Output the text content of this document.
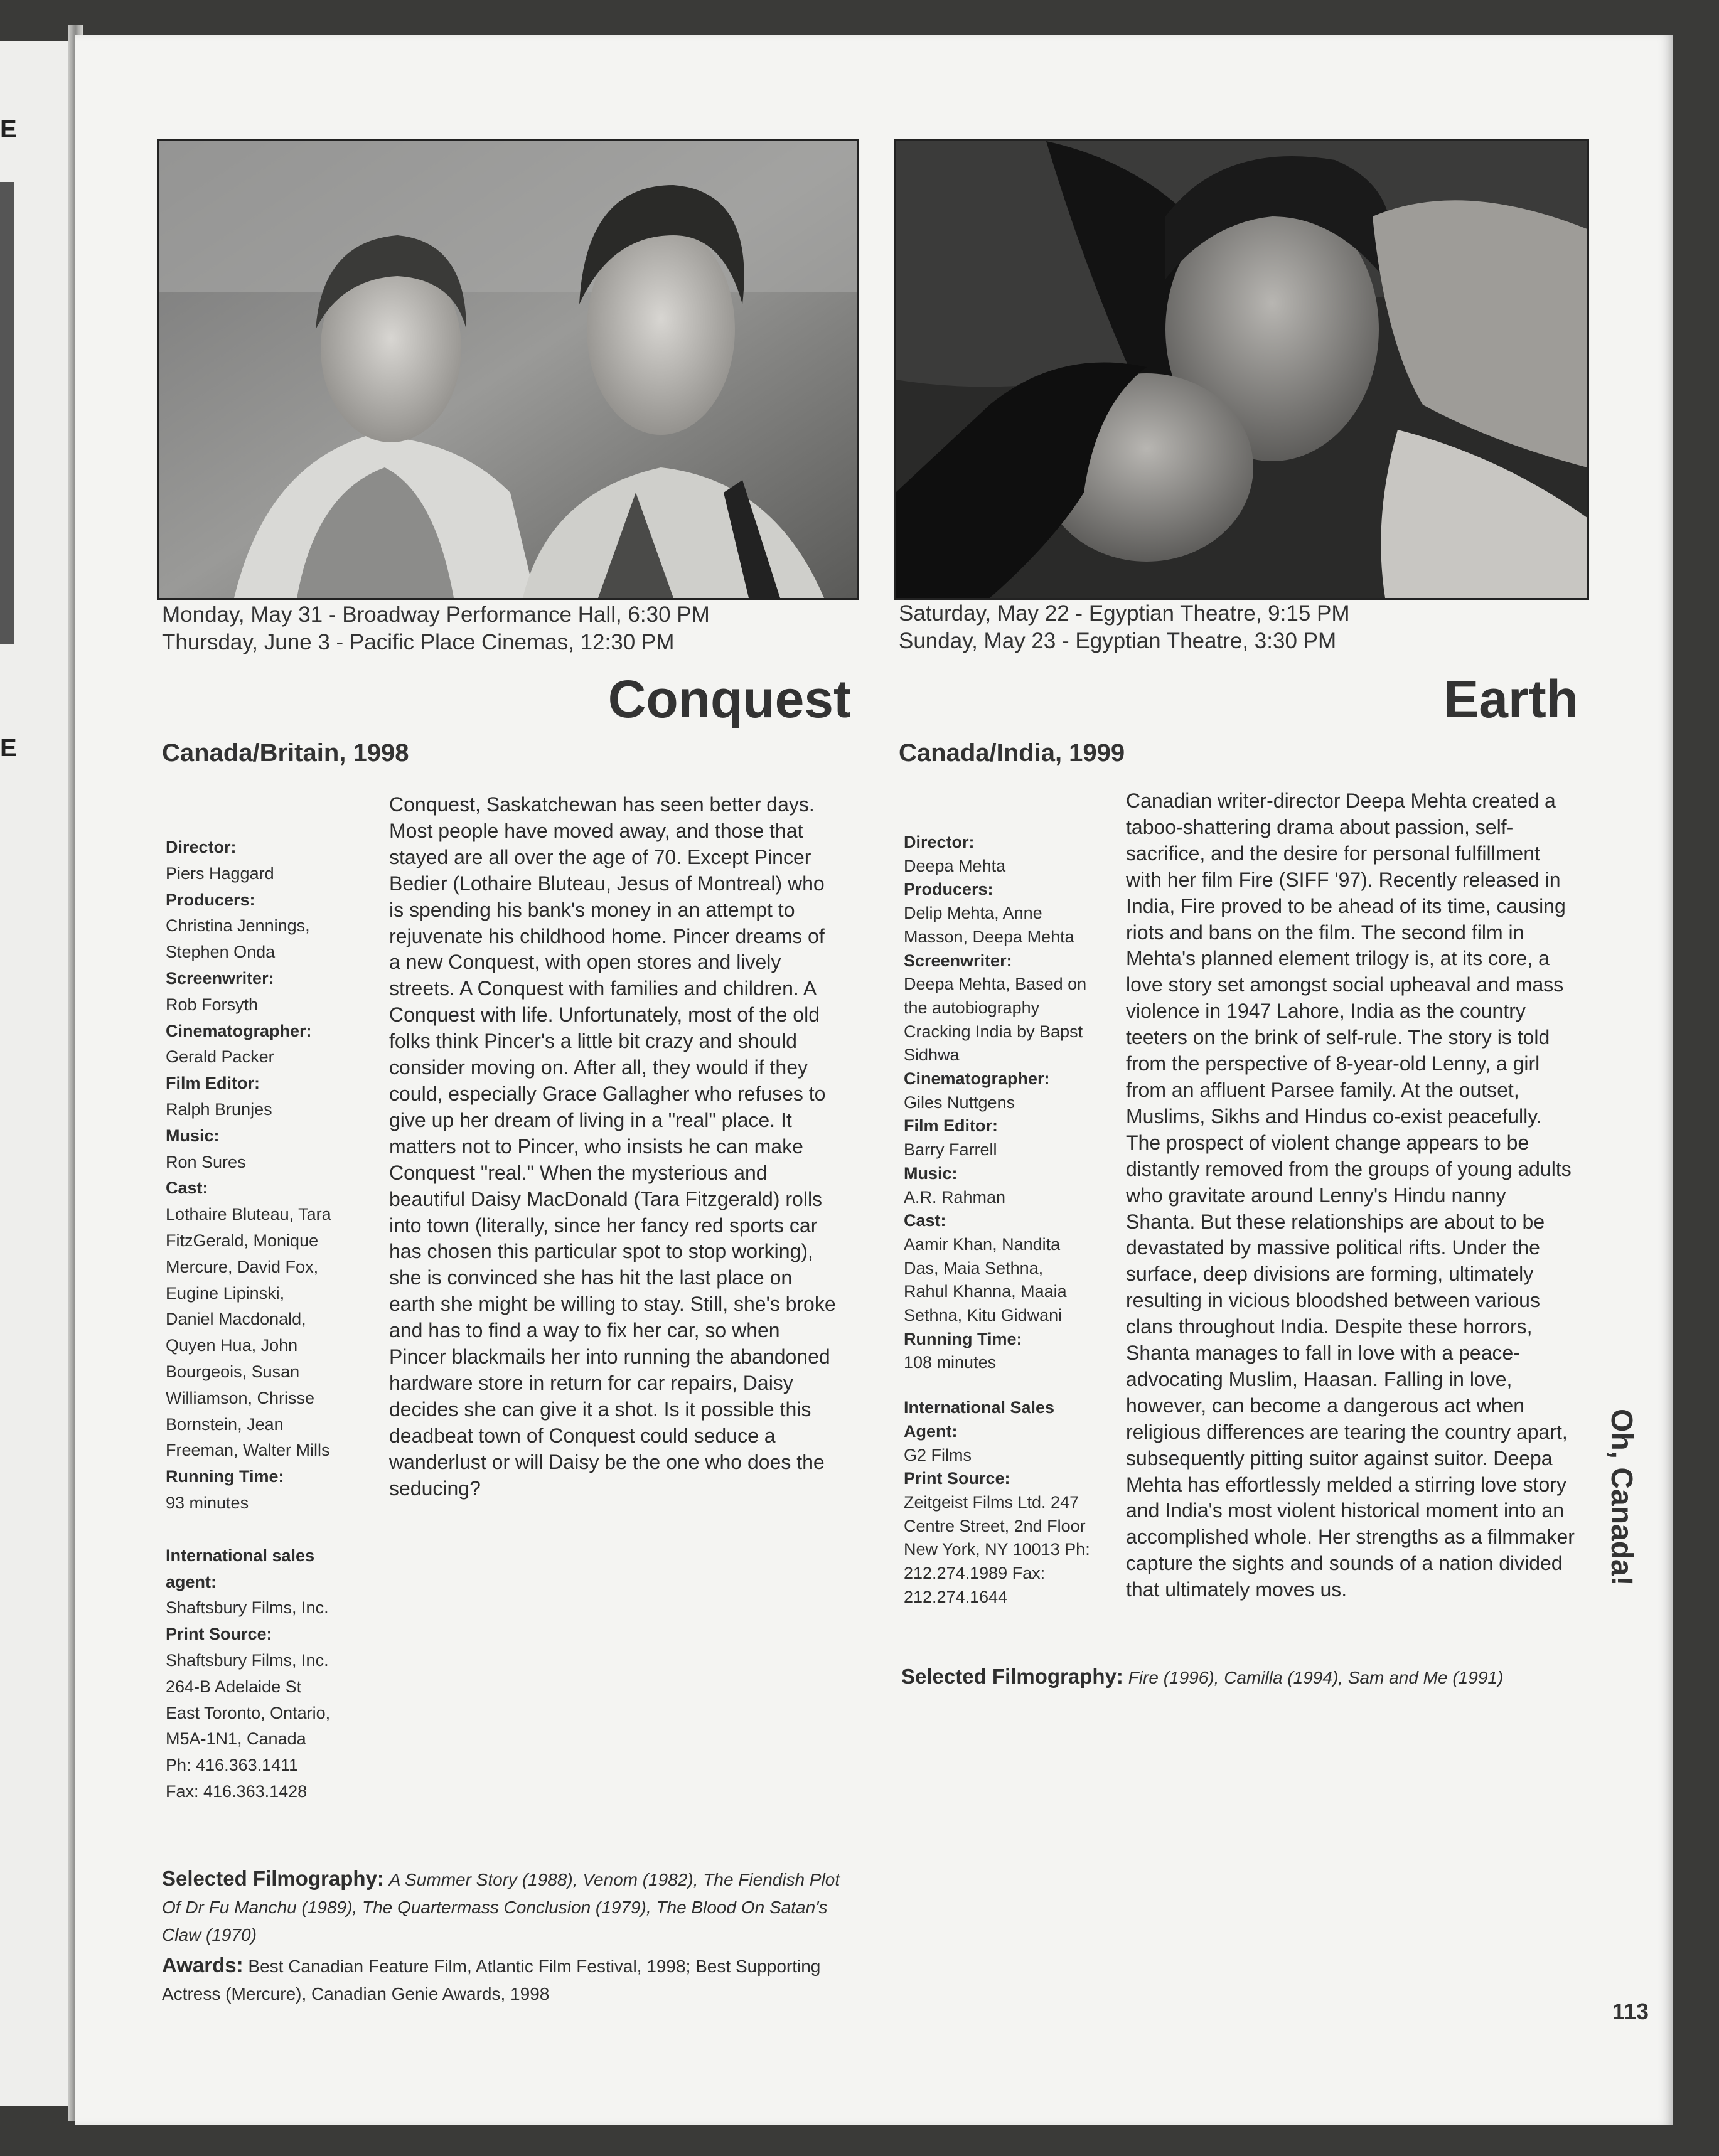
E
E
Monday, May 31 - Broadway Performance Hall, 6:30 PM
Thursday, June 3 - Pacific Place Cinemas, 12:30 PM
Conquest
Canada/Britain, 1998
Director:
Piers Haggard
Producers:
Christina Jennings, Stephen Onda
Screenwriter:
Rob Forsyth
Cinematographer:
Gerald Packer
Film Editor:
Ralph Brunjes
Music:
Ron Sures
Cast:
Lothaire Bluteau, Tara FitzGerald, Monique Mercure, David Fox, Eugine Lipinski, Daniel Macdonald, Quyen Hua, John Bourgeois, Susan Williamson, Chrisse Bornstein, Jean Freeman, Walter Mills
Running Time:
93 minutes
International sales agent:
Shaftsbury Films, Inc.
Print Source:
Shaftsbury Films, Inc. 264-B Adelaide St East Toronto, Ontario, M5A-1N1, Canada Ph: 416.363.1411 Fax: 416.363.1428
Conquest, Saskatchewan has seen better days. Most people have moved away, and those that stayed are all over the age of 70. Except Pincer Bedier (Lothaire Bluteau, Jesus of Montreal) who is spending his bank's money in an attempt to rejuvenate his childhood home. Pincer dreams of a new Conquest, with open stores and lively streets. A Conquest with families and children. A Conquest with life. Unfortunately, most of the old folks think Pincer's a little bit crazy and should consider moving on. After all, they would if they could, especially Grace Gallagher who refuses to give up her dream of living in a "real" place. It matters not to Pincer, who insists he can make Conquest "real." When the mysterious and beautiful Daisy MacDonald (Tara Fitzgerald) rolls into town (literally, since her fancy red sports car has chosen this particular spot to stop working), she is convinced she has hit the last place on earth she might be willing to stay. Still, she's broke and has to find a way to fix her car, so when Pincer blackmails her into running the abandoned hardware store in return for car repairs, Daisy decides she can give it a shot. Is it possible this deadbeat town of Conquest could seduce a wanderlust or will Daisy be the one who does the seducing?
Selected Filmography: A Summer Story (1988), Venom (1982), The Fiendish Plot Of Dr Fu Manchu (1989), The Quartermass Conclusion (1979), The Blood On Satan's Claw (1970)
Awards: Best Canadian Feature Film, Atlantic Film Festival, 1998; Best Supporting Actress (Mercure), Canadian Genie Awards, 1998
Saturday, May 22 - Egyptian Theatre, 9:15 PM
Sunday, May 23 - Egyptian Theatre, 3:30 PM
Earth
Canada/India, 1999
Director:
Deepa Mehta
Producers:
Delip Mehta, Anne Masson, Deepa Mehta
Screenwriter:
Deepa Mehta, Based on the autobiography Cracking India by Bapst Sidhwa
Cinematographer:
Giles Nuttgens
Film Editor:
Barry Farrell
Music:
A.R. Rahman
Cast:
Aamir Khan, Nandita Das, Maia Sethna, Rahul Khanna, Maaia Sethna, Kitu Gidwani
Running Time:
108 minutes
International Sales Agent:
G2 Films
Print Source:
Zeitgeist Films Ltd. 247 Centre Street, 2nd Floor New York, NY 10013 Ph: 212.274.1989 Fax: 212.274.1644
Canadian writer-director Deepa Mehta created a taboo-shattering drama about passion, self-sacrifice, and the desire for personal fulfillment with her film Fire (SIFF '97). Recently released in India, Fire proved to be ahead of its time, causing riots and bans on the film. The second film in Mehta's planned element trilogy is, at its core, a love story set amongst social upheaval and mass violence in 1947 Lahore, India as the country teeters on the brink of self-rule. The story is told from the perspective of 8-year-old Lenny, a girl from an affluent Parsee family. At the outset, Muslims, Sikhs and Hindus co-exist peacefully. The prospect of violent change appears to be distantly removed from the groups of young adults who gravitate around Lenny's Hindu nanny Shanta. But these relationships are about to be devastated by massive political rifts. Under the surface, deep divisions are forming, ultimately resulting in vicious bloodshed between various clans throughout India. Despite these horrors, Shanta manages to fall in love with a peace-advocating Muslim, Haasan. Falling in love, however, can become a dangerous act when religious differences are tearing the country apart, subsequently pitting suitor against suitor. Deepa Mehta has effortlessly melded a stirring love story and India's most violent historical moment into an accomplished whole. Her strengths as a filmmaker capture the sights and sounds of a nation divided that ultimately moves us.
Selected Filmography: Fire (1996), Camilla (1994), Sam and Me (1991)
Oh, Canada!
113
